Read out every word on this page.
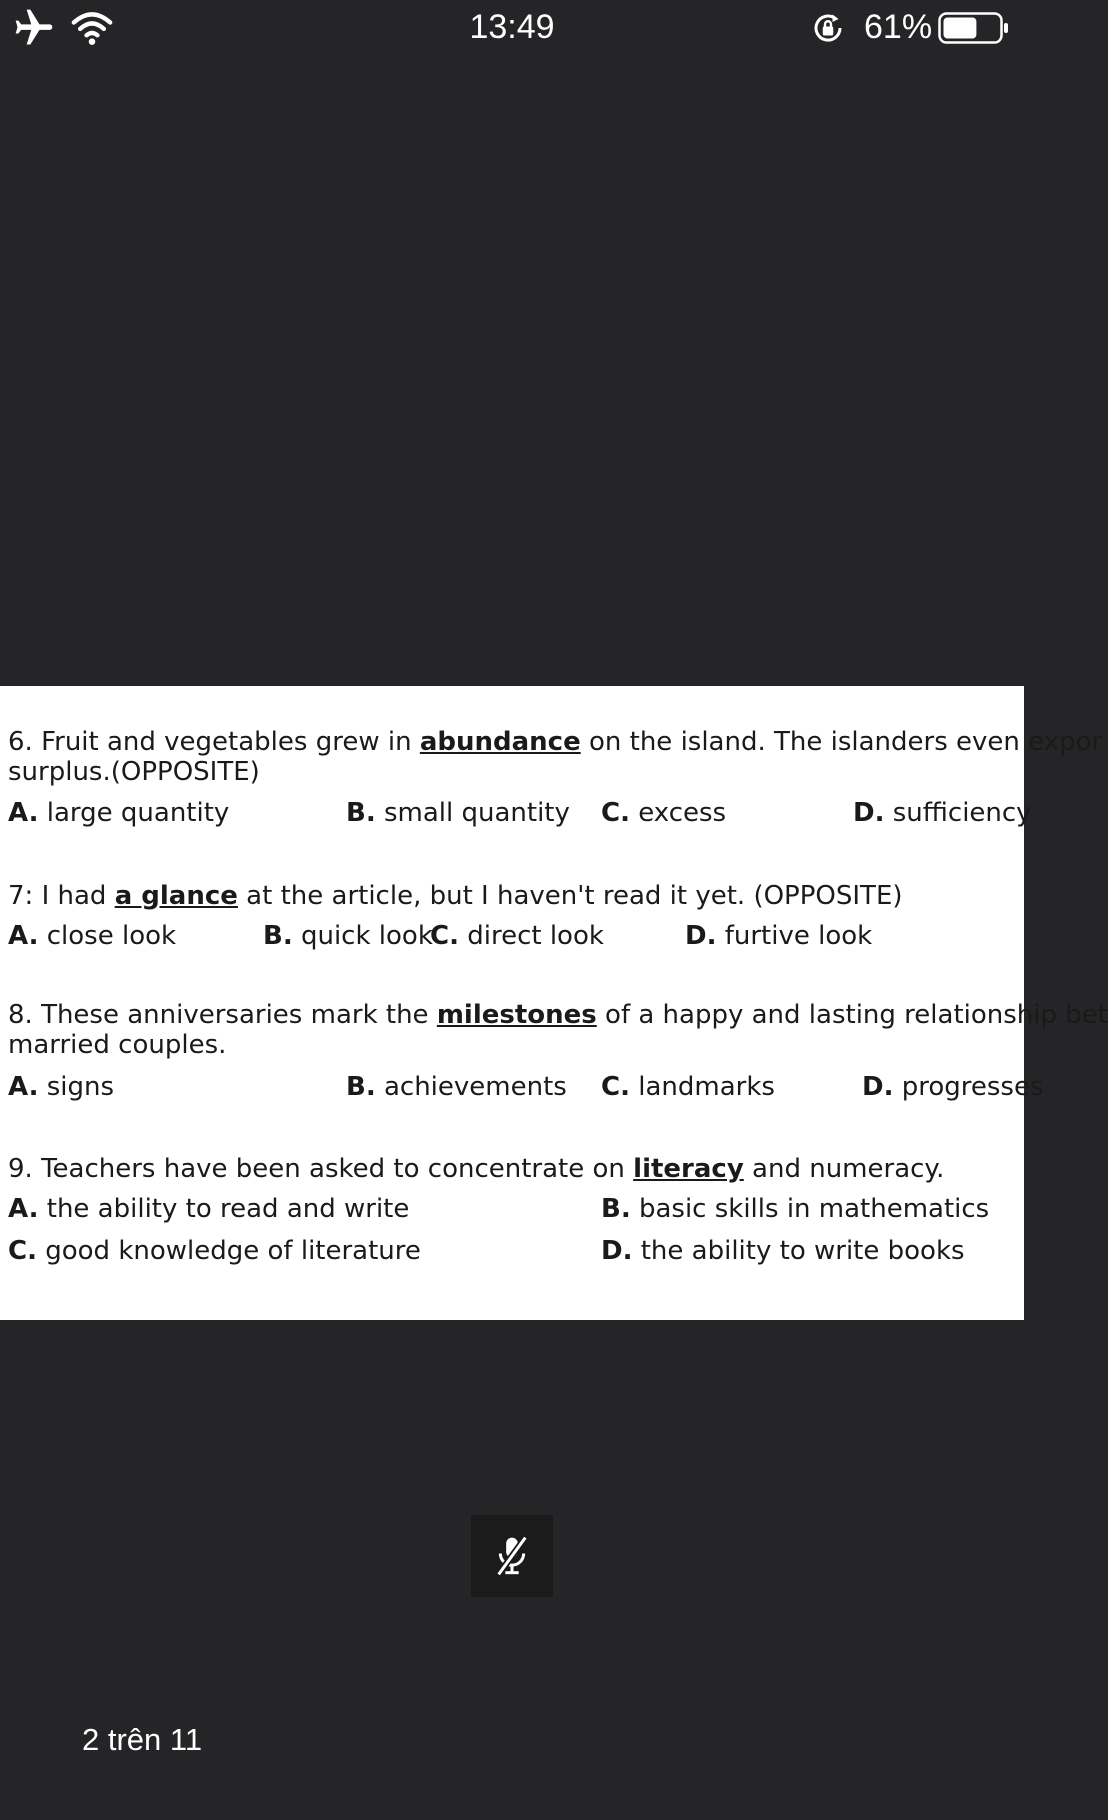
13:49	61%
6. Fruit and vegetables grew in abundance on the island. The islanders even expor
surplus.(OPPOSITE)
A. large quantity	B. small quantity C. excess	D. sufficiency
7: I had a glance at the article, but I haven't read it yet. (OPPOSITE)
A. close look	B. quick look
C. direct look	D. furtive look
8. These anniversaries mark the milestones of a happy and lasting relationship bet
married couples.
A. signs	B. achievements C. landmarks	D. progresses
9. Teachers have been asked to concentrate on literacy and numeracy.
A. the ability to read and write	B. basic skills in mathematics
C. good knowledge of literature	D. the ability to write books
2 trên 11
